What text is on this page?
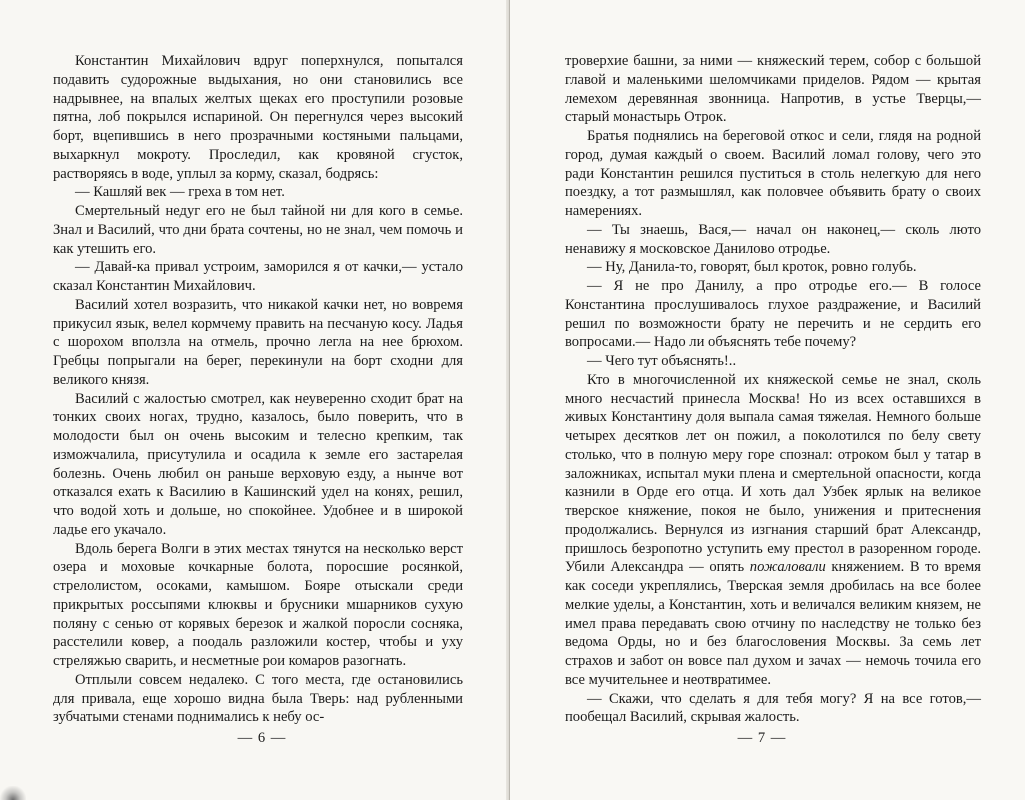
Константин Михайлович вдруг поперхнулся, попытался подавить судорожные выдыхания, но они становились все надрывнее, на впалых желтых щеках его проступили розовые пятна, лоб покрылся испариной. Он перегнулся через высокий борт, вцепившись в него прозрачными костяными пальцами, выхаркнул мокроту. Проследил, как кровяной сгусток, растворяясь в воде, уплыл за корму, сказал, бодрясь:

— Кашляй век — греха в том нет.

Смертельный недуг его не был тайной ни для кого в семье. Знал и Василий, что дни брата сочтены, но не знал, чем помочь и как утешить его.

— Давай-ка привал устроим, заморился я от качки,— устало сказал Константин Михайлович.

Василий хотел возразить, что никакой качки нет, но вовремя прикусил язык, велел кормчему править на песчаную косу. Ладья с шорохом вползла на отмель, прочно легла на нее брюхом. Гребцы попрыгали на берег, перекинули на борт сходни для великого князя.

Василий с жалостью смотрел, как неуверенно сходит брат на тонких своих ногах, трудно, казалось, было поверить, что в молодости был он очень высоким и телесно крепким, так изможчалила, присутулила и осадила к земле его застарелая болезнь. Очень любил он раньше верховую езду, а нынче вот отказался ехать к Василию в Кашинский удел на конях, решил, что водой хоть и дольше, но спокойнее. Удобнее и в широкой ладье его укачало.

Вдоль берега Волги в этих местах тянутся на несколько верст озера и моховые кочкарные болота, поросшие росянкой, стрелолистом, осоками, камышом. Бояре отыскали среди прикрытых россыпями клюквы и брусники мшарников сухую поляну с сенью от корявых березок и жалкой поросли сосняка, расстелили ковер, а поодаль разложили костер, чтобы и уху стреляжью сварить, и несметные рои комаров разогнать.

Отплыли совсем недалеко. С того места, где остановились для привала, еще хорошо видна была Тверь: над рубленными зубчатыми стенами поднимались к небу ос-

— 6 —

троверхие башни, за ними — княжеский терем, собор с большой главой и маленькими шеломчиками приделов. Рядом — крытая лемехом деревянная звонница. Напротив, в устье Тверцы,— старый монастырь Отрок.

Братья поднялись на береговой откос и сели, глядя на родной город, думая каждый о своем. Василий ломал голову, чего это ради Константин решился пуститься в столь нелегкую для него поездку, а тот размышлял, как половчее объявить брату о своих намерениях.

— Ты знаешь, Вася,— начал он наконец,— сколь люто ненавижу я московское Данилово отродье.

— Ну, Данила-то, говорят, был кроток, ровно голубь.

— Я не про Данилу, а про отродье его.— В голосе Константина прослушивалось глухое раздражение, и Василий решил по возможности брату не перечить и не сердить его вопросами.— Надо ли объяснять тебе почему?

— Чего тут объяснять!..

Кто в многочисленной их княжеской семье не знал, сколь много несчастий принесла Москва! Но из всех оставшихся в живых Константину доля выпала самая тяжелая. Немного больше четырех десятков лет он пожил, а поколотился по белу свету столько, что в полную меру горе спознал: отроком был у татар в заложниках, испытал муки плена и смертельной опасности, когда казнили в Орде его отца. И хоть дал Узбек ярлык на великое тверское княжение, покоя не было, унижения и притеснения продолжались. Вернулся из изгнания старший брат Александр, пришлось безропотно уступить ему престол в разоренном городе. Убили Александра — опять пожаловали княжением. В то время как соседи укреплялись, Тверская земля дробилась на все более мелкие уделы, а Константин, хоть и величался великим князем, не имел права передавать свою отчину по наследству не только без ведома Орды, но и без благословения Москвы. За семь лет страхов и забот он вовсе пал духом и зачах — немочь точила его все мучительнее и неотвратимее.

— Скажи, что сделать я для тебя могу? Я на все готов,— пообещал Василий, скрывая жалость.

— 7 —
